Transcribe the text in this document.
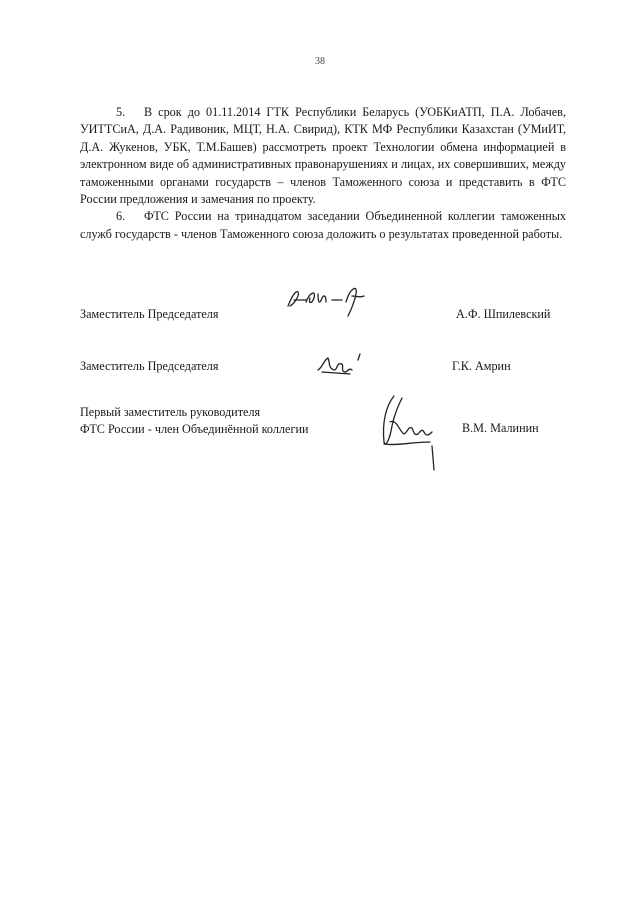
38

5. В срок до 01.11.2014 ГТК Республики Беларусь (УОБКиАТП, П.А. Лобачев, УИТТСиА, Д.А. Радивоник, МЦТ, Н.А. Свирид), КТК МФ Республики Казахстан (УМиИТ, Д.А. Жукенов, УБК, Т.М.Башев) рассмотреть проект Технологии обмена информацией в электронном виде об административных правонарушениях и лицах, их совершивших, между таможенными органами государств – членов Таможенного союза и представить в ФТС России предложения и замечания по проекту.

6. ФТС России на тринадцатом заседании Объединенной коллегии таможенных служб государств - членов Таможенного союза доложить о результатах проведенной работы.

Заместитель Председателя	А.Ф. Шпилевский
Заместитель Председателя	Г.К. Амрин
Первый заместитель руководителя
ФТС России - член Объединённой коллегии	В.М. Малинин
